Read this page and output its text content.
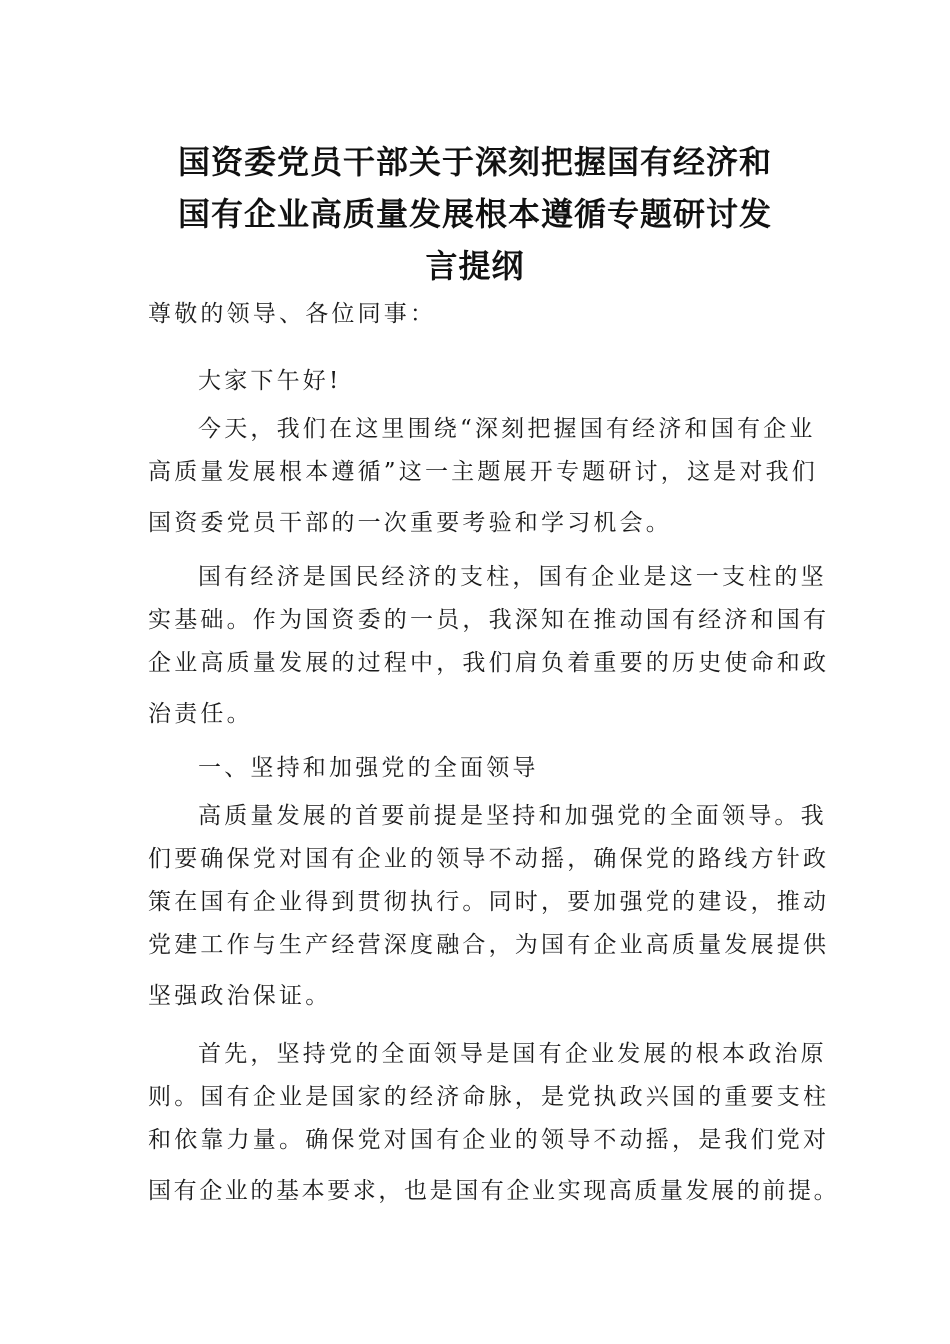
国资委党员干部关于深刻把握国有经济和
国有企业高质量发展根本遵循专题研讨发
言提纲

尊敬的领导、各位同事：

大家下午好!

今天，我们在这里围绕“深刻把握国有经济和国有企业
高质量发展根本遵循”这一主题展开专题研讨，这是对我们
国资委党员干部的一次重要考验和学习机会。

国有经济是国民经济的支柱，国有企业是这一支柱的坚
实基础。作为国资委的一员，我深知在推动国有经济和国有
企业高质量发展的过程中，我们肩负着重要的历史使命和政
治责任。

一、坚持和加强党的全面领导

高质量发展的首要前提是坚持和加强党的全面领导。我
们要确保党对国有企业的领导不动摇，确保党的路线方针政
策在国有企业得到贯彻执行。同时，要加强党的建设，推动
党建工作与生产经营深度融合，为国有企业高质量发展提供
坚强政治保证。

首先，坚持党的全面领导是国有企业发展的根本政治原
则。国有企业是国家的经济命脉，是党执政兴国的重要支柱
和依靠力量。确保党对国有企业的领导不动摇，是我们党对
国有企业的基本要求，也是国有企业实现高质量发展的前提。
